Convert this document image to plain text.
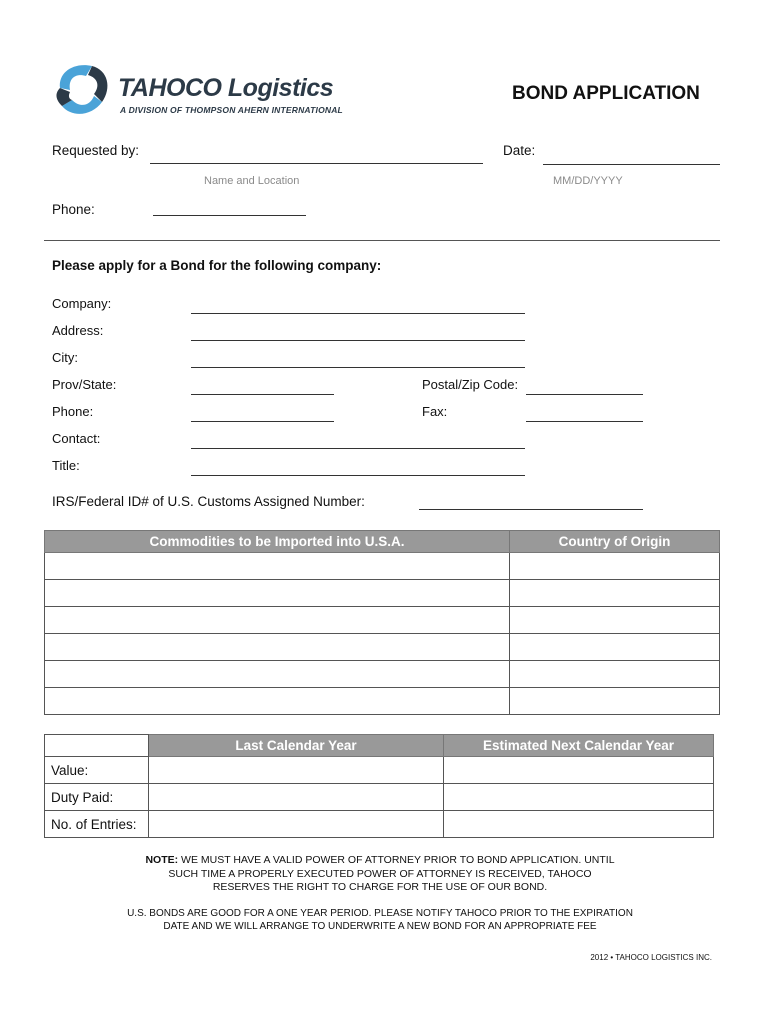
TAHOCO Logistics
A DIVISION OF THOMPSON AHERN INTERNATIONAL
BOND APPLICATION
Requested by:
Name and Location
Date:
MM/DD/YYYY
Phone:
Please apply for a Bond for the following company:
Company:
Address:
City:
Prov/State:	Postal/Zip Code:
Phone:	Fax:
Contact:
Title:
IRS/Federal ID# of U.S. Customs Assigned Number:
Commodities to be Imported into U.S.A.	Country of Origin

	Last Calendar Year	Estimated Next Calendar Year
Value:		
Duty Paid:		
No. of Entries:		
NOTE: WE MUST HAVE A VALID POWER OF ATTORNEY PRIOR TO BOND APPLICATION. UNTIL
SUCH TIME A PROPERLY EXECUTED POWER OF ATTORNEY IS RECEIVED, TAHOCO
RESERVES THE RIGHT TO CHARGE FOR THE USE OF OUR BOND.
U.S. BONDS ARE GOOD FOR A ONE YEAR PERIOD. PLEASE NOTIFY TAHOCO PRIOR TO THE EXPIRATION
DATE AND WE WILL ARRANGE TO UNDERWRITE A NEW BOND FOR AN APPROPRIATE FEE
2012 • TAHOCO LOGISTICS INC.
